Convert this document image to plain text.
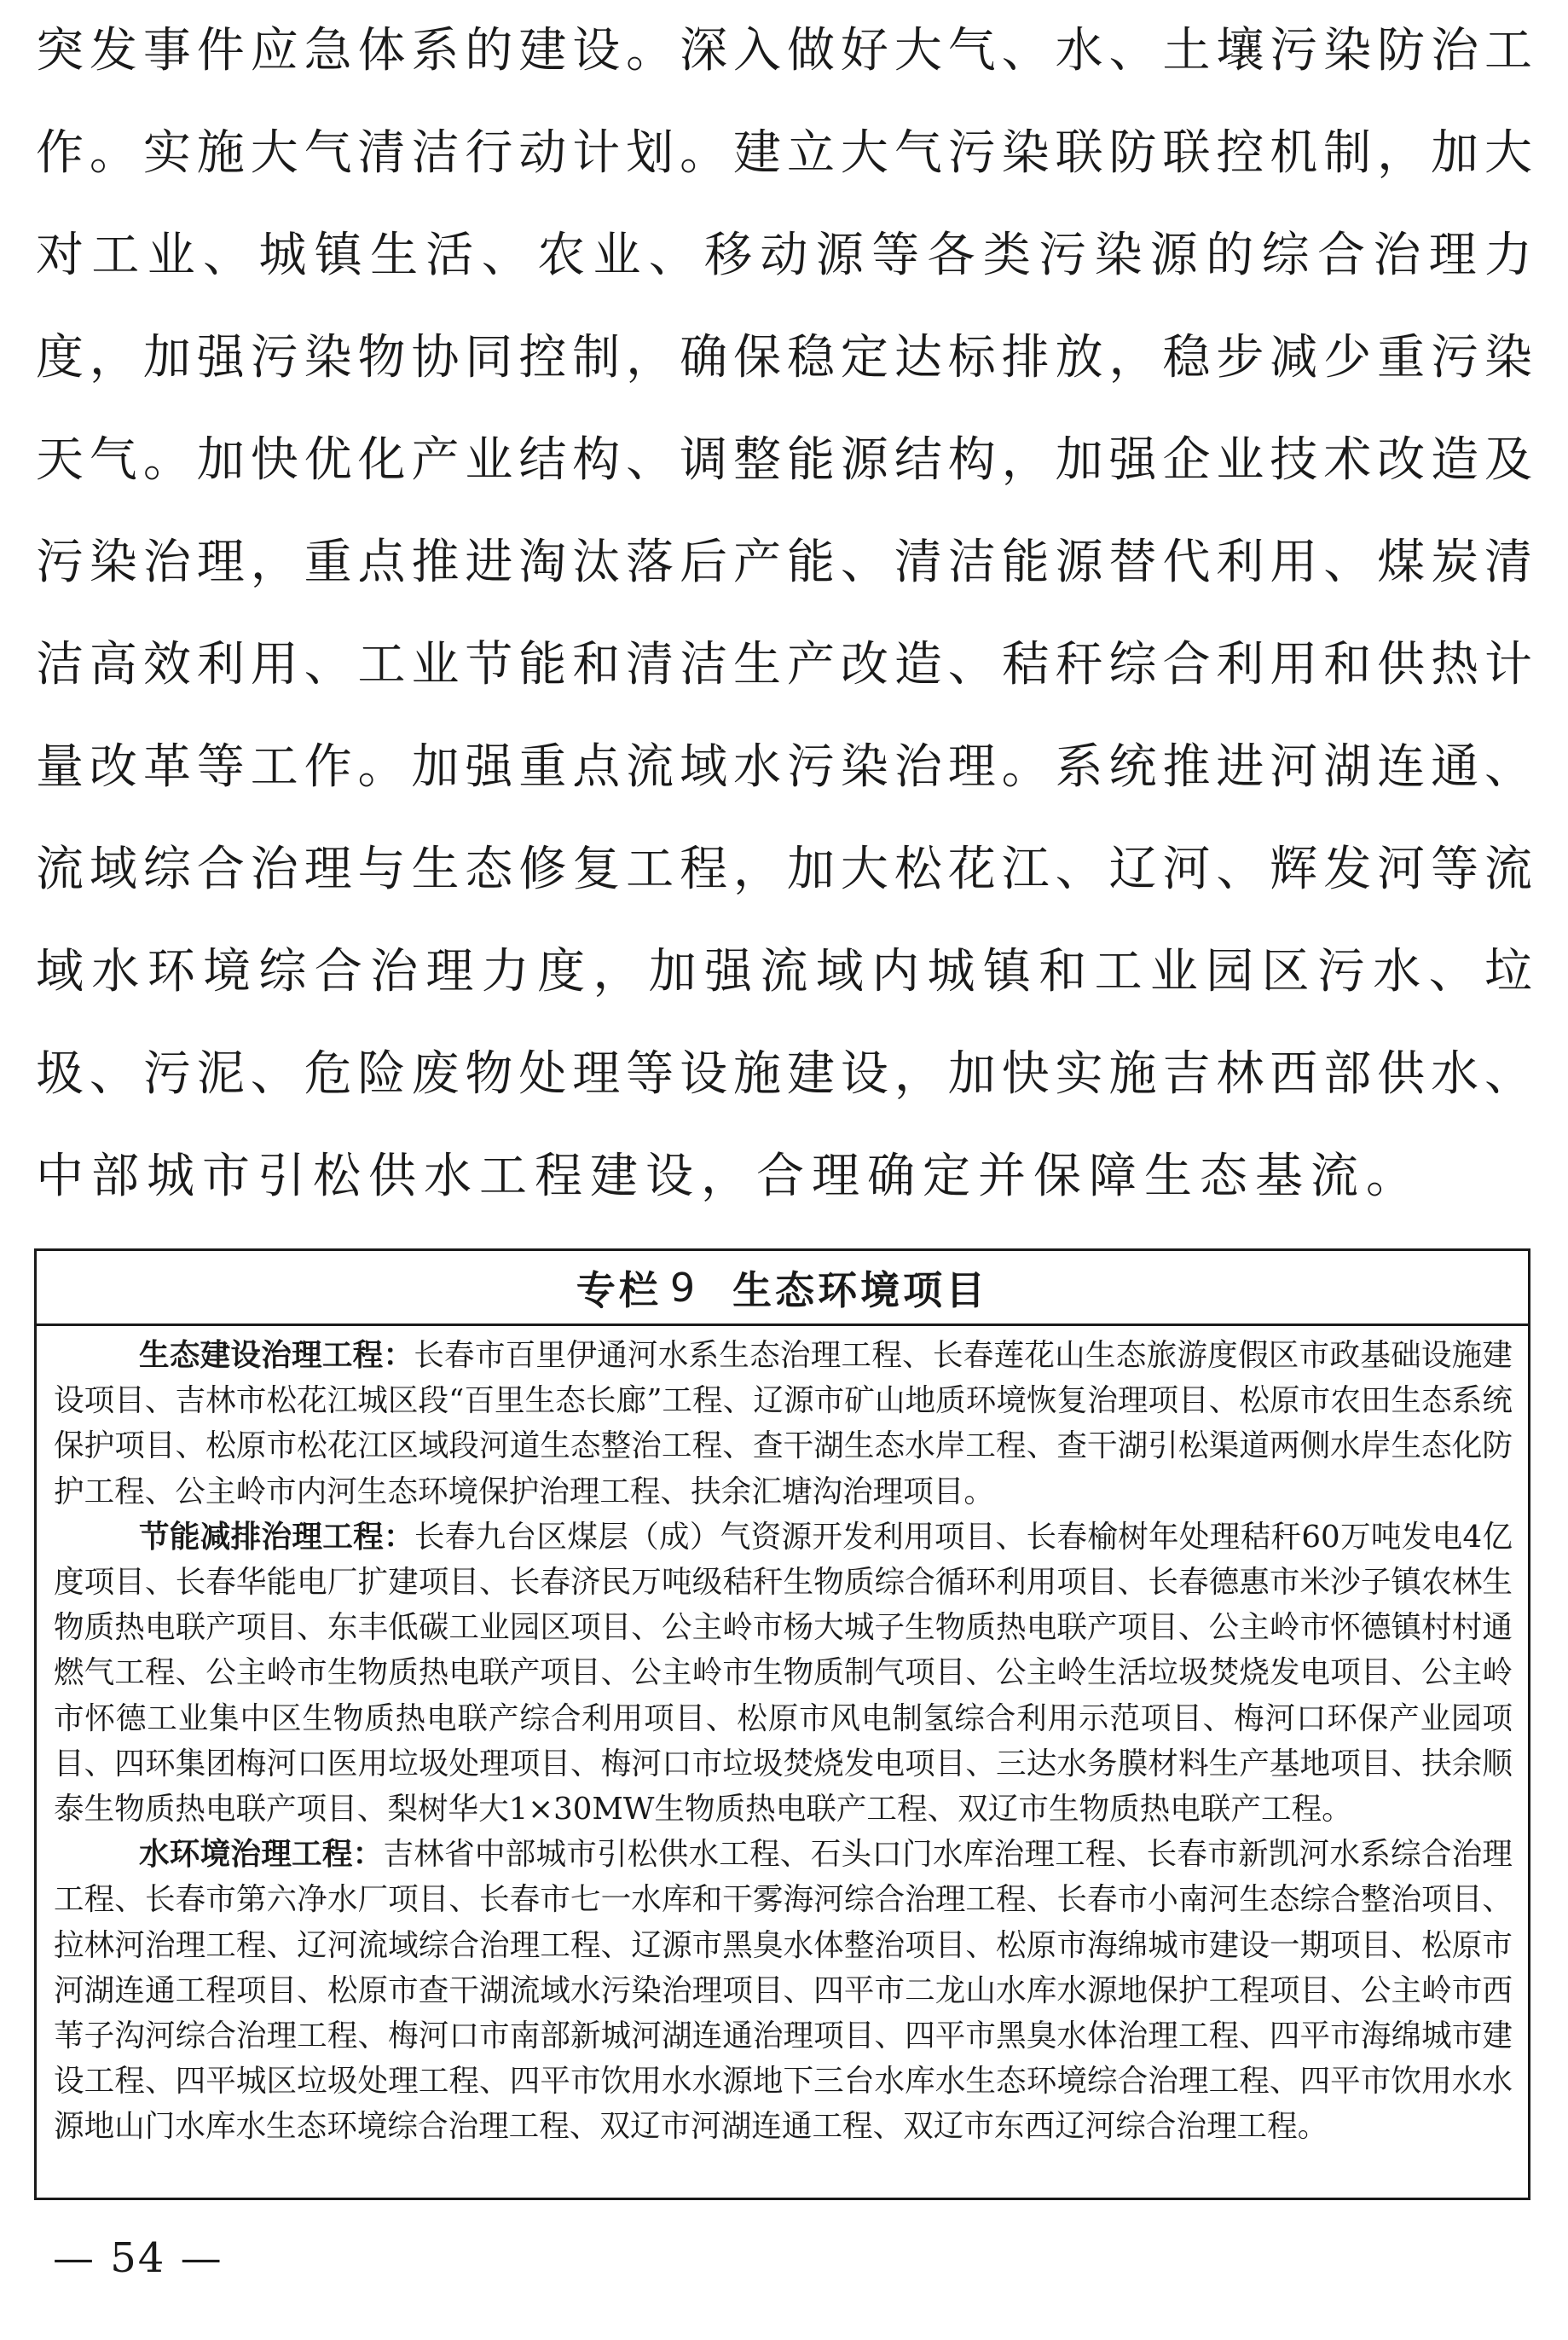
突发事件应急体系的建设。深入做好大气、水、土壤污染防治工
作。实施大气清洁行动计划。建立大气污染联防联控机制，加大
对工业、城镇生活、农业、移动源等各类污染源的综合治理力
度，加强污染物协同控制，确保稳定达标排放，稳步减少重污染
天气。加快优化产业结构、调整能源结构，加强企业技术改造及
污染治理，重点推进淘汰落后产能、清洁能源替代利用、煤炭清
洁高效利用、工业节能和清洁生产改造、秸秆综合利用和供热计
量改革等工作。加强重点流域水污染治理。系统推进河湖连通、
流域综合治理与生态修复工程，加大松花江、辽河、辉发河等流
域水环境综合治理力度，加强流域内城镇和工业园区污水、垃
圾、污泥、危险废物处理等设施建设，加快实施吉林西部供水、
中部城市引松供水工程建设，合理确定并保障生态基流。
专栏 9 生态环境项目

生态建设治理工程：长春市百里伊通河水系生态治理工程、长春莲花山生态旅游度假区市政基础设施建设项目、吉林市松花江城区段“百里生态长廊”工程、辽源市矿山地质环境恢复治理项目、松原市农田生态系统保护项目、松原市松花江区域段河道生态整治工程、查干湖生态水岸工程、查干湖引松渠道两侧水岸生态化防护工程、公主岭市内河生态环境保护治理工程、扶余汇塘沟治理项目。

节能减排治理工程：长春九台区煤层（成）气资源开发利用项目、长春榆树年处理秸秆60万吨发电4亿度项目、长春华能电厂扩建项目、长春济民万吨级秸秆生物质综合循环利用项目、长春德惠市米沙子镇农林生物质热电联产项目、东丰低碳工业园区项目、公主岭市杨大城子生物质热电联产项目、公主岭市怀德镇村村通燃气工程、公主岭市生物质热电联产项目、公主岭市生物质制气项目、公主岭生活垃圾焚烧发电项目、公主岭市怀德工业集中区生物质热电联产综合利用项目、松原市风电制氢综合利用示范项目、梅河口环保产业园项目、四环集团梅河口医用垃圾处理项目、梅河口市垃圾焚烧发电项目、三达水务膜材料生产基地项目、扶余顺泰生物质热电联产项目、梨树华大1×30MW生物质热电联产工程、双辽市生物质热电联产工程。

水环境治理工程：吉林省中部城市引松供水工程、石头口门水库治理工程、长春市新凯河水系综合治理工程、长春市第六净水厂项目、长春市七一水库和干雾海河综合治理工程、长春市小南河生态综合整治项目、拉林河治理工程、辽河流域综合治理工程、辽源市黑臭水体整治项目、松原市海绵城市建设一期项目、松原市河湖连通工程项目、松原市查干湖流域水污染治理项目、四平市二龙山水库水源地保护工程项目、公主岭市西苇子沟河综合治理工程、梅河口市南部新城河湖连通治理项目、四平市黑臭水体治理工程、四平市海绵城市建设工程、四平城区垃圾处理工程、四平市饮用水水源地下三台水库水生态环境综合治理工程、四平市饮用水水源地山门水库水生态环境综合治理工程、双辽市河湖连通工程、双辽市东西辽河综合治理工程。

— 54 —
